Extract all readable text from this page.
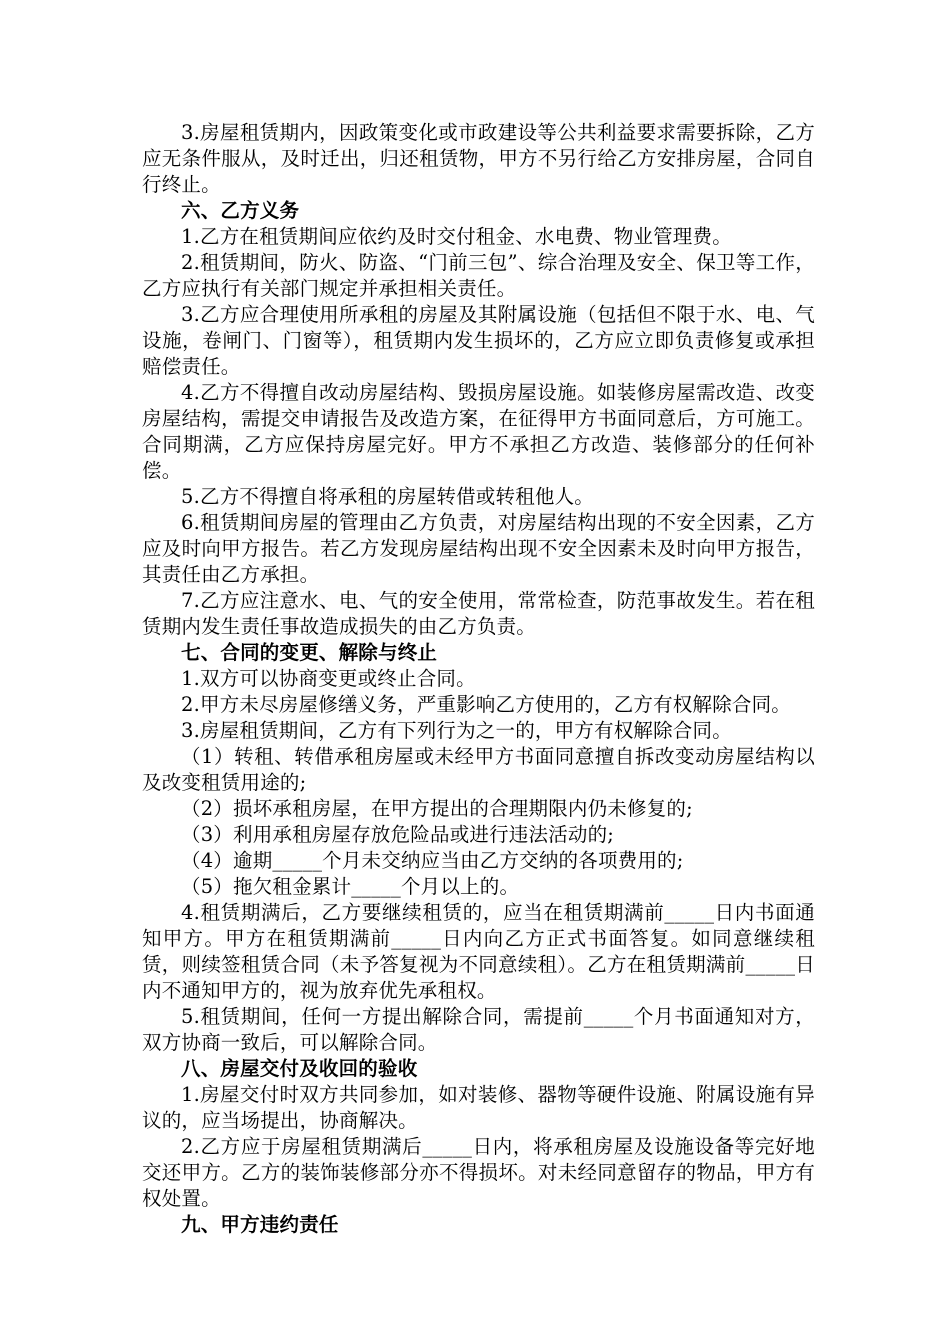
3.房屋租赁期内，因政策变化或市政建设等公共利益要求需要拆除，乙方应无条件服从，及时迁出，归还租赁物，甲方不另行给乙方安排房屋，合同自行终止。

六、乙方义务

1.乙方在租赁期间应依约及时交付租金、水电费、物业管理费。

2.租赁期间，防火、防盗、“门前三包”、综合治理及安全、保卫等工作，乙方应执行有关部门规定并承担相关责任。

3.乙方应合理使用所承租的房屋及其附属设施（包括但不限于水、电、气设施，卷闸门、门窗等），租赁期内发生损坏的，乙方应立即负责修复或承担赔偿责任。

4.乙方不得擅自改动房屋结构、毁损房屋设施。如装修房屋需改造、改变房屋结构，需提交申请报告及改造方案，在征得甲方书面同意后，方可施工。合同期满，乙方应保持房屋完好。甲方不承担乙方改造、装修部分的任何补偿。

5.乙方不得擅自将承租的房屋转借或转租他人。

6.租赁期间房屋的管理由乙方负责，对房屋结构出现的不安全因素，乙方应及时向甲方报告。若乙方发现房屋结构出现不安全因素未及时向甲方报告，其责任由乙方承担。

7.乙方应注意水、电、气的安全使用，常常检查，防范事故发生。若在租赁期内发生责任事故造成损失的由乙方负责。

七、合同的变更、解除与终止

1.双方可以协商变更或终止合同。

2.甲方未尽房屋修缮义务，严重影响乙方使用的，乙方有权解除合同。

3.房屋租赁期间，乙方有下列行为之一的，甲方有权解除合同。

（1）转租、转借承租房屋或未经甲方书面同意擅自拆改变动房屋结构以及改变租赁用途的;

（2）损坏承租房屋，在甲方提出的合理期限内仍未修复的;

（3）利用承租房屋存放危险品或进行违法活动的;

（4）逾期_____个月未交纳应当由乙方交纳的各项费用的;

（5）拖欠租金累计_____个月以上的。

4.租赁期满后，乙方要继续租赁的，应当在租赁期满前_____日内书面通知甲方。甲方在租赁期满前_____日内向乙方正式书面答复。如同意继续租赁，则续签租赁合同（未予答复视为不同意续租）。乙方在租赁期满前_____日内不通知甲方的，视为放弃优先承租权。

5.租赁期间，任何一方提出解除合同，需提前_____个月书面通知对方，双方协商一致后，可以解除合同。

八、房屋交付及收回的验收

1.房屋交付时双方共同参加，如对装修、器物等硬件设施、附属设施有异议的，应当场提出，协商解决。

2.乙方应于房屋租赁期满后_____日内，将承租房屋及设施设备等完好地交还甲方。乙方的装饰装修部分亦不得损坏。对未经同意留存的物品，甲方有权处置。

九、甲方违约责任
